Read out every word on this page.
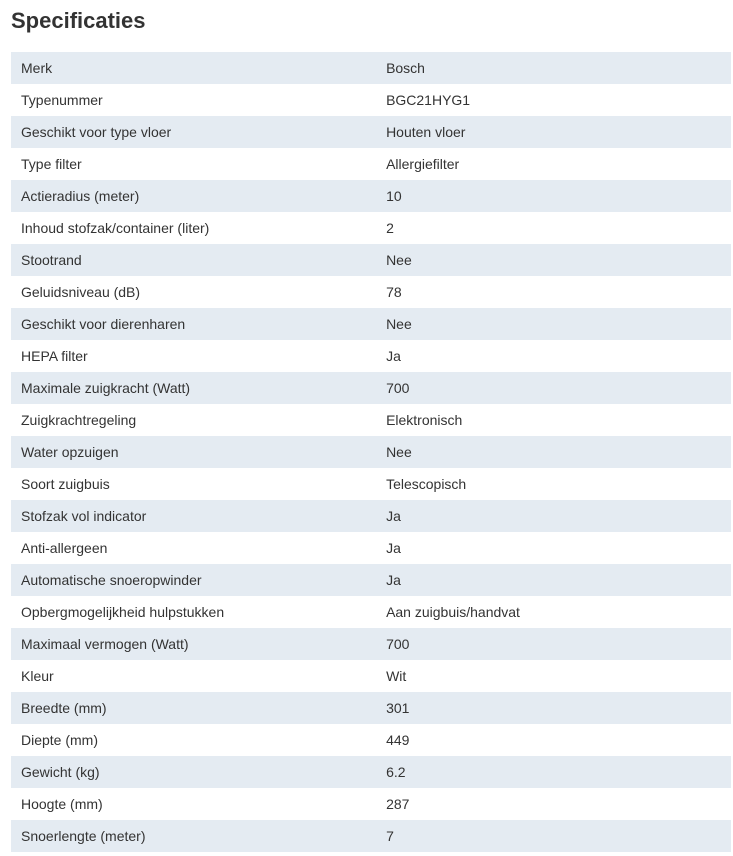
Specificaties
Merk	Bosch
Typenummer	BGC21HYG1
Geschikt voor type vloer	Houten vloer
Type filter	Allergiefilter
Actieradius (meter)	10
Inhoud stofzak/container (liter)	2
Stootrand	Nee
Geluidsniveau (dB)	78
Geschikt voor dierenharen	Nee
HEPA filter	Ja
Maximale zuigkracht (Watt)	700
Zuigkrachtregeling	Elektronisch
Water opzuigen	Nee
Soort zuigbuis	Telescopisch
Stofzak vol indicator	Ja
Anti-allergeen	Ja
Automatische snoeropwinder	Ja
Opbergmogelijkheid hulpstukken	Aan zuigbuis/handvat
Maximaal vermogen (Watt)	700
Kleur	Wit
Breedte (mm)	301
Diepte (mm)	449
Gewicht (kg)	6.2
Hoogte (mm)	287
Snoerlengte (meter)	7
